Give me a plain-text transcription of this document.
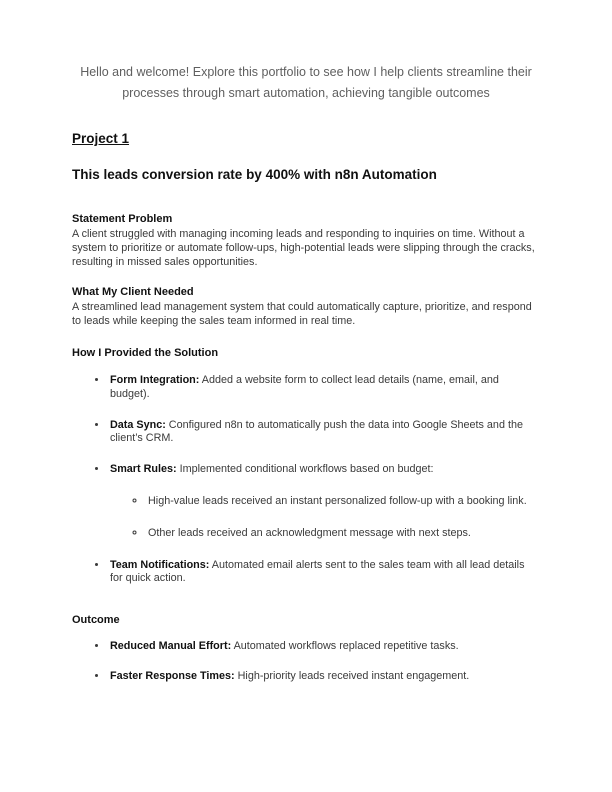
Hello and welcome! Explore this portfolio to see how I help clients streamline their processes through smart automation, achieving tangible outcomes

Project 1
This leads conversion rate by 400% with n8n Automation
Statement Problem

A client struggled with managing incoming leads and responding to inquiries on time. Without a system to prioritize or automate follow-ups, high-potential leads were slipping through the cracks, resulting in missed sales opportunities.

What My Client Needed

A streamlined lead management system that could automatically capture, prioritize, and respond to leads while keeping the sales team informed in real time.

How I Provided the Solution
• Form Integration: Added a website form to collect lead details (name, email, and budget).
• Data Sync: Configured n8n to automatically push the data into Google Sheets and the client’s CRM.
• Smart Rules: Implemented conditional workflows based on budget:
◦ High-value leads received an instant personalized follow-up with a booking link.
◦ Other leads received an acknowledgment message with next steps.
• Team Notifications: Automated email alerts sent to the sales team with all lead details for quick action.
Outcome
• Reduced Manual Effort: Automated workflows replaced repetitive tasks.
• Faster Response Times: High-priority leads received instant engagement.
